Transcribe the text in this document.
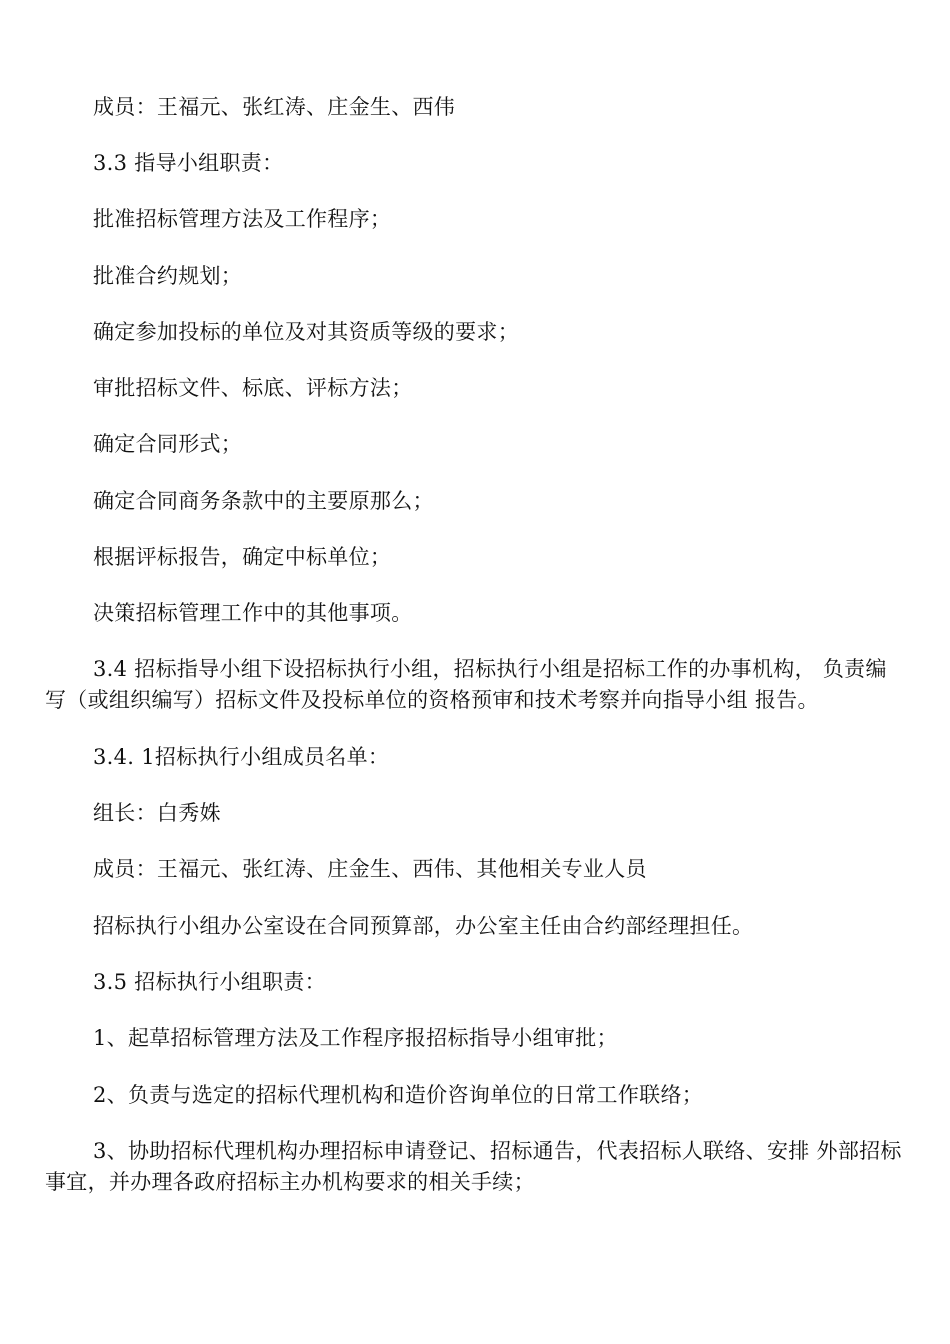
成员：王福元、张红涛、庄金生、西伟

3.3 指导小组职责：

批准招标管理方法及工作程序；

批准合约规划；

确定参加投标的单位及对其资质等级的要求；

审批招标文件、标底、评标方法；

确定合同形式；

确定合同商务条款中的主要原那么；

根据评标报告，确定中标单位；

决策招标管理工作中的其他事项。

3.4 招标指导小组下设招标执行小组，招标执行小组是招标工作的办事机构， 负责编写（或组织编写）招标文件及投标单位的资格预审和技术考察并向指导小组 报告。

3.4. 1招标执行小组成员名单：

组长：白秀姝

成员：王福元、张红涛、庄金生、西伟、其他相关专业人员

招标执行小组办公室设在合同预算部，办公室主任由合约部经理担任。

3.5 招标执行小组职责：

1、起草招标管理方法及工作程序报招标指导小组审批；

2、负责与选定的招标代理机构和造价咨询单位的日常工作联络；

3、协助招标代理机构办理招标申请登记、招标通告，代表招标人联络、安排 外部招标事宜，并办理各政府招标主办机构要求的相关手续；
